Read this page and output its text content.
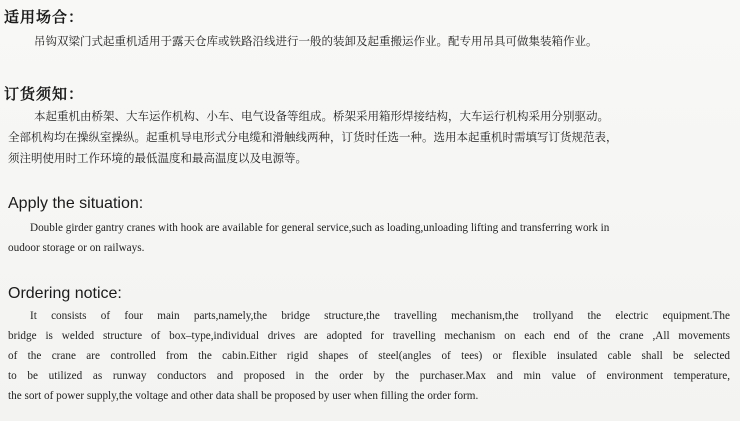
适用场合：
吊钩双梁门式起重机适用于露天仓库或铁路沿线进行一般的装卸及起重搬运作业。配专用吊具可做集装箱作业。
订货须知：
本起重机由桥架、大车运作机构、小车、电气设备等组成。桥架采用箱形焊接结构，大车运行机构采用分别驱动。
全部机构均在操纵室操纵。起重机导电形式分电缆和滑触线两种，订货时任选一种。选用本起重机时需填写订货规范表，
须注明使用时工作环境的最低温度和最高温度以及电源等。
Apply the situation:
Double girder gantry cranes with hook are available for general service,such as loading,unloading lifting and transferring work in
oudoor storage or on railways.
Ordering notice:
It consists of four main parts,namely,the bridge structure,the travelling mechanism,the trollyand the electric equipment.The
bridge is welded structure of box–type,individual drives are adopted for travelling mechanism on each end of the crane ,All movements
of the crane are controlled from the cabin.Either rigid shapes of steel(angles of tees) or flexible insulated cable shall be selected
to be utilized as runway conductors and proposed in the order by the purchaser.Max and min value of environment temperature,
the sort of power supply,the voltage and other data shall be proposed by user when filling the order form.
